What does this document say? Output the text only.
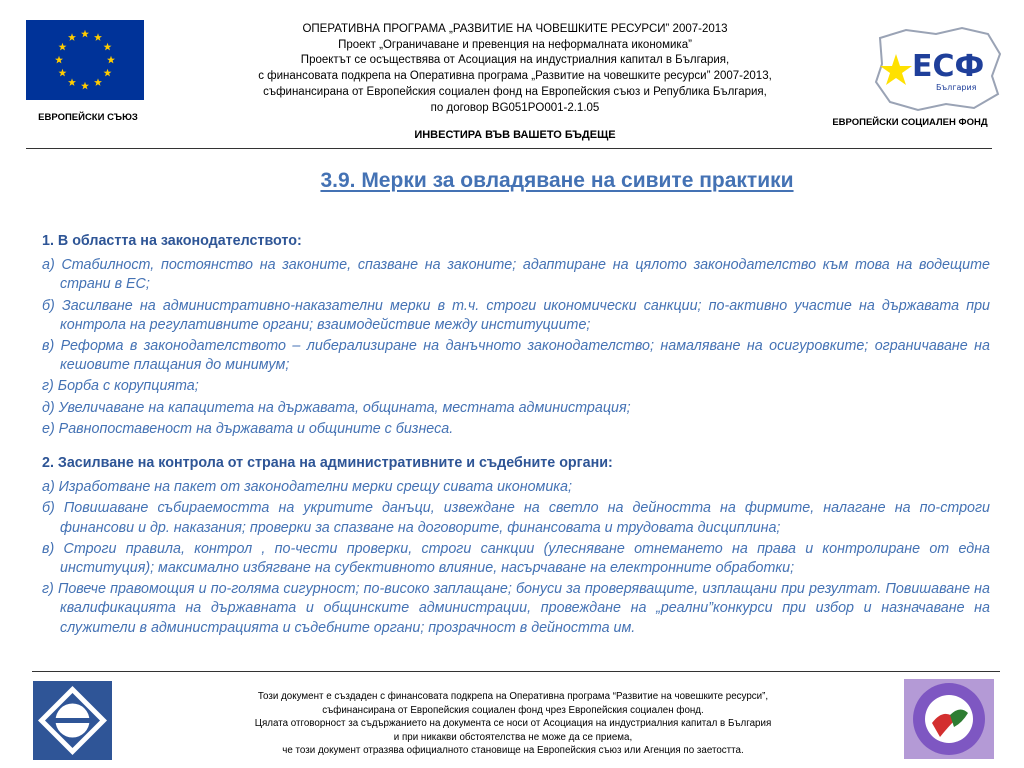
ЕВРОПЕЙСКИ СЪЮЗ
ОПЕРАТИВНА ПРОГРАМА „РАЗВИТИЕ НА ЧОВЕШКИТЕ РЕСУРСИ” 2007-2013
Проект „Ограничаване и превенция на неформалната икономика”
Проектът се осъществява от Асоциация на индустриалния капитал в България,
с финансовата подкрепа на Оперативна програма „Развитие на човешките ресурси” 2007-2013,
съфинансирана от Европейския социален фонд на Европейския съюз и Република България,
по договор BG051PO001-2.1.05
ИНВЕСТИРА ВЪВ ВАШЕТО БЪДЕЩЕ
ЕСФ
България
ЕВРОПЕЙСКИ СОЦИАЛЕН ФОНД
3.9. Мерки за овладяване на сивите практики
1. В областта на законодателството:
а) Стабилност, постоянство на законите, спазване на законите; адаптиране на цялото законодателство към това на водещите страни в ЕС;
б) Засилване на административно-наказателни мерки в т.ч. строги икономически санкции; по-активно участие на държавата при контрола на регулативните органи; взаимодействие между институциите;
в) Реформа в законодателството – либерализиране на данъчното законодателство; намаляване на осигуровките; ограничаване на кешовите плащания до минимум;
г) Борба с корупцията;
д) Увеличаване на капацитета на държавата, общината, местната администрация;
е) Равнопоставеност на държавата и общините с бизнеса.
2. Засилване на контрола от страна на административните и съдебните органи:
а) Изработване на пакет от законодателни мерки срещу сивата икономика;
б) Повишаване събираемостта на укритите данъци, извеждане на светло на дейността на фирмите, налагане на по-строги финансови и др. наказания; проверки за спазване на договорите, финансовата и трудовата дисциплина;
в) Строги правила, контрол , по-чести проверки, строги санкции (улесняване отнемането на права и контролиране от една институция); максимално избягване на субективното влияние, насърчаване на електронните обработки;
г) Повече правомощия и по-голяма сигурност; по-високо заплащане; бонуси за проверяващите, изплащани при резултат. Повишаване на квалификацията на държавната и общинските администрации, провеждане на „реални”конкурси при избор и назначаване на служители в администрацията и съдебните органи; прозрачност в дейността им.
Този документ е създаден с финансовата подкрепа на Оперативна програма “Развитие на човешките ресурси”,
съфинансирана от Европейския социален фонд чрез Европейския социален фонд.
Цялата отговорност за съдържанието на документа се носи от Асоциация на индустриалния капитал в България
и при никакви обстоятелства не може да се приема,
че този документ отразява официалното становище на Европейския съюз или Агенция по заетостта.
